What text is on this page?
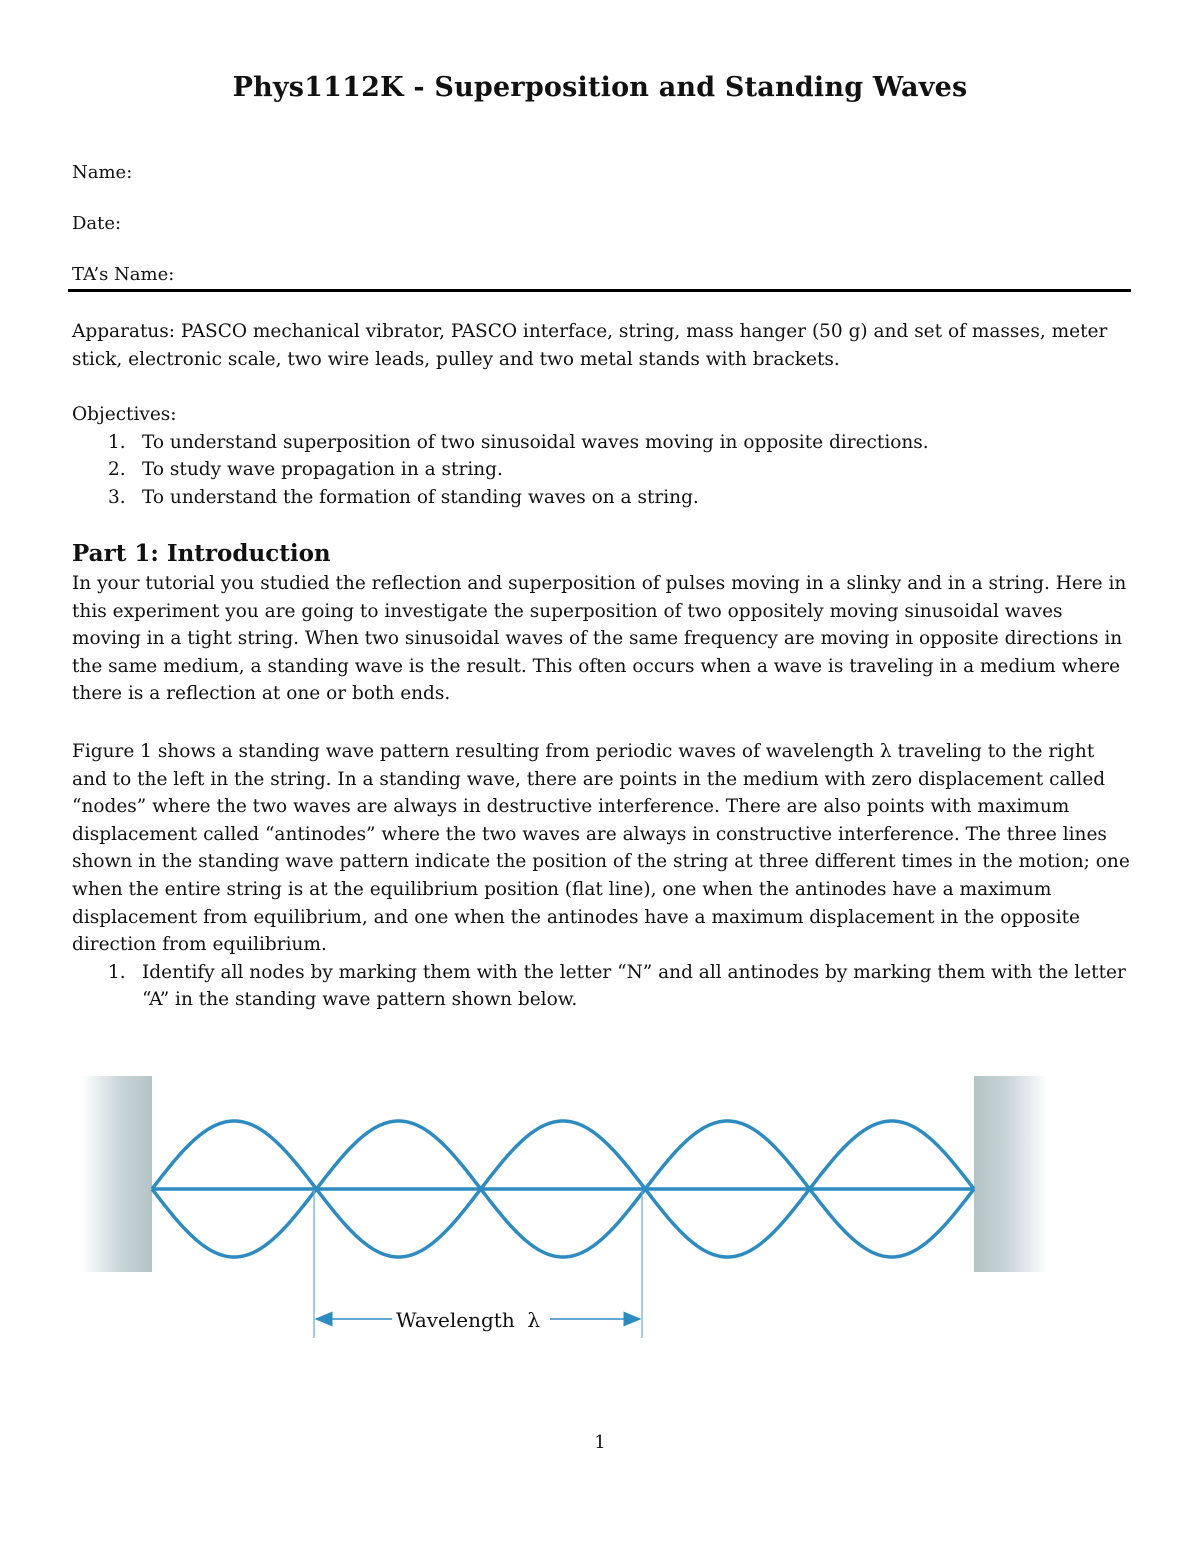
Phys1112K - Superposition and Standing Waves
Name:
Date:
TA’s Name:
Apparatus: PASCO mechanical vibrator, PASCO interface, string, mass hanger (50 g) and set of masses, meter stick, electronic scale, two wire leads, pulley and two metal stands with brackets.
Objectives:
1. To understand superposition of two sinusoidal waves moving in opposite directions.
2. To study wave propagation in a string.
3. To understand the formation of standing waves on a string.
Part 1: Introduction
In your tutorial you studied the reflection and superposition of pulses moving in a slinky and in a string. Here in this experiment you are going to investigate the superposition of two oppositely moving sinusoidal waves moving in a tight string. When two sinusoidal waves of the same frequency are moving in opposite directions in the same medium, a standing wave is the result. This often occurs when a wave is traveling in a medium where there is a reflection at one or both ends.
Figure 1 shows a standing wave pattern resulting from periodic waves of wavelength λ traveling to the right and to the left in the string. In a standing wave, there are points in the medium with zero displacement called “nodes” where the two waves are always in destructive interference. There are also points with maximum displacement called “antinodes” where the two waves are always in constructive interference. The three lines shown in the standing wave pattern indicate the position of the string at three different times in the motion; one when the entire string is at the equilibrium position (flat line), one when the antinodes have a maximum displacement from equilibrium, and one when the antinodes have a maximum displacement in the opposite direction from equilibrium.
1. Identify all nodes by marking them with the letter “N” and all antinodes by marking them with the letter “A” in the standing wave pattern shown below.
Wavelength  λ
1
